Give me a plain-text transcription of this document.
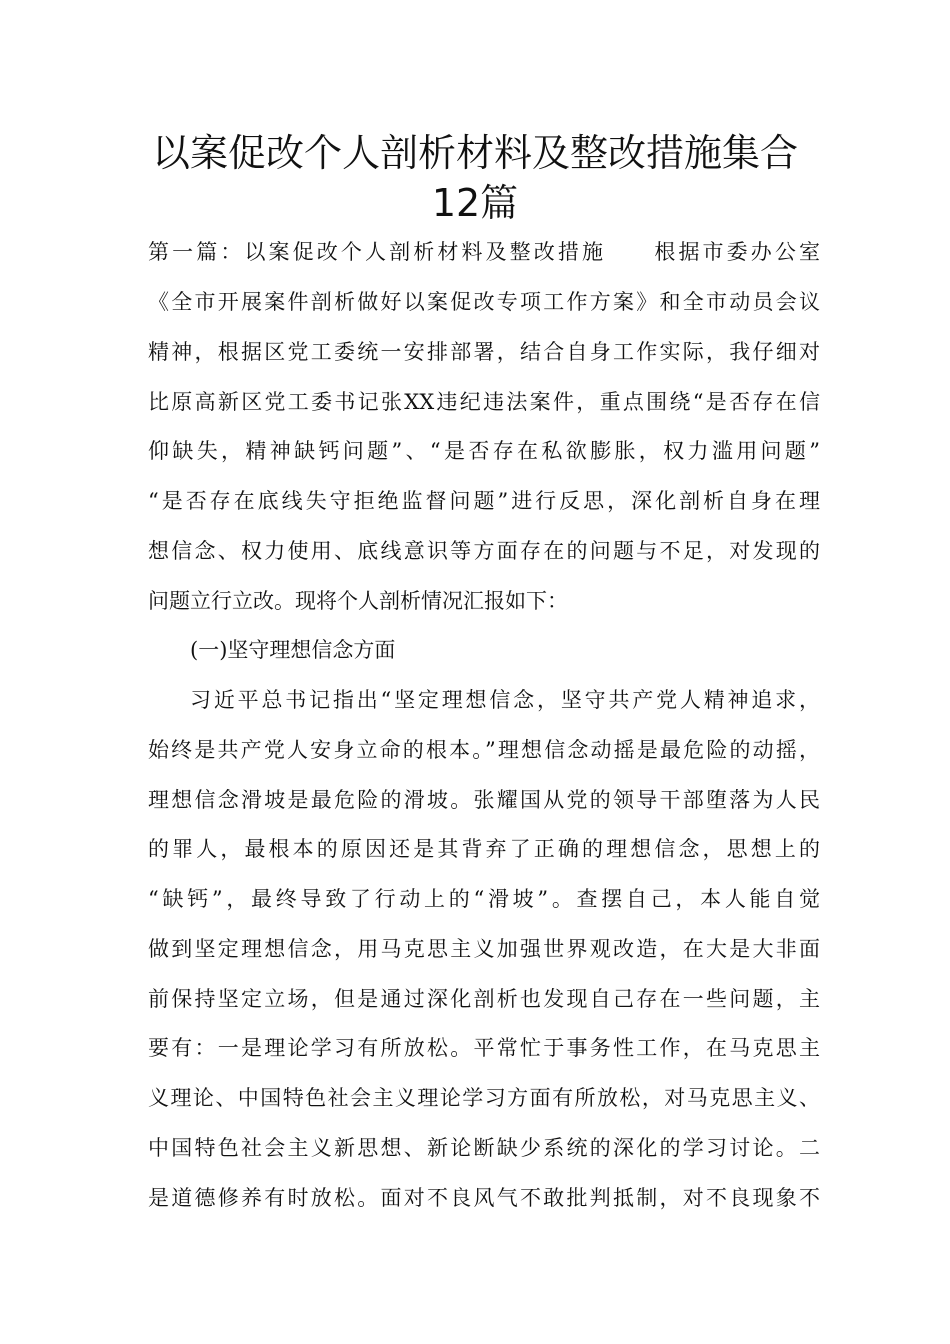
以案促改个人剖析材料及整改措施集合
12篇
第一篇：以案促改个人剖析材料及整改措施　　根据市委办公室
《全市开展案件剖析做好以案促改专项工作方案》和全市动员会议
精神，根据区党工委统一安排部署，结合自身工作实际，我仔细对
比原高新区党工委书记张XX违纪违法案件，重点围绕“是否存在信
仰缺失，精神缺钙问题”、“是否存在私欲膨胀，权力滥用问题”
“是否存在底线失守拒绝监督问题”进行反思，深化剖析自身在理
想信念、权力使用、底线意识等方面存在的问题与不足，对发现的
问题立行立改。现将个人剖析情况汇报如下：
(一)坚守理想信念方面
习近平总书记指出“坚定理想信念，坚守共产党人精神追求，
始终是共产党人安身立命的根本。”理想信念动摇是最危险的动摇，
理想信念滑坡是最危险的滑坡。张耀国从党的领导干部堕落为人民
的罪人，最根本的原因还是其背弃了正确的理想信念，思想上的
“缺钙”，最终导致了行动上的“滑坡”。查摆自己，本人能自觉
做到坚定理想信念，用马克思主义加强世界观改造，在大是大非面
前保持坚定立场，但是通过深化剖析也发现自己存在一些问题，主
要有：一是理论学习有所放松。平常忙于事务性工作，在马克思主
义理论、中国特色社会主义理论学习方面有所放松，对马克思主义、
中国特色社会主义新思想、新论断缺少系统的深化的学习讨论。二
是道德修养有时放松。面对不良风气不敢批判抵制，对不良现象不
